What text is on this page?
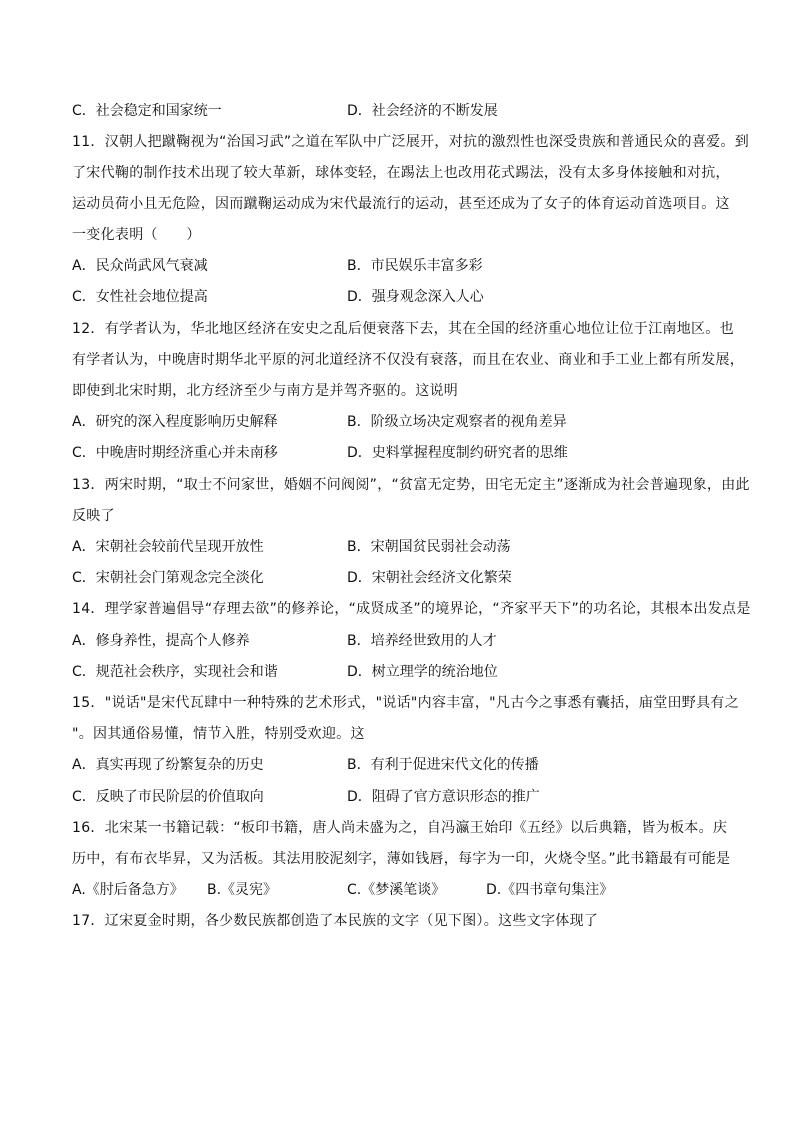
C．社会稳定和国家统一	D．社会经济的不断发展
11．汉朝人把蹴鞠视为“治国习武”之道在军队中广泛展开，对抗的激烈性也深受贵族和普通民众的喜爱。到
了宋代鞠的制作技术出现了较大革新，球体变轻，在踢法上也改用花式踢法，没有太多身体接触和对抗，
运动员荷小且无危险，因而蹴鞠运动成为宋代最流行的运动，甚至还成为了女子的体育运动首选项目。这
一变化表明（　　）
A．民众尚武风气衰减	B．市民娱乐丰富多彩
C．女性社会地位提高	D．强身观念深入人心
12．有学者认为，华北地区经济在安史之乱后便衰落下去，其在全国的经济重心地位让位于江南地区。也
有学者认为，中晚唐时期华北平原的河北道经济不仅没有衰落，而且在农业、商业和手工业上都有所发展，
即使到北宋时期，北方经济至少与南方是并驾齐驱的。这说明
A．研究的深入程度影响历史解释	B．阶级立场决定观察者的视角差异
C．中晚唐时期经济重心并未南移	D．史料掌握程度制约研究者的思维
13．两宋时期，“取士不问家世，婚姻不问阀阅”，“贫富无定势，田宅无定主”逐渐成为社会普遍现象，由此
反映了
A．宋朝社会较前代呈现开放性	B．宋朝国贫民弱社会动荡
C．宋朝社会门第观念完全淡化	D．宋朝社会经济文化繁荣
14．理学家普遍倡导“存理去欲”的修养论，“成贤成圣”的境界论，“齐家平天下”的功名论，其根本出发点是
A．修身养性，提高个人修养	B．培养经世致用的人才
C．规范社会秩序，实现社会和谐	D．树立理学的统治地位
15．"说话"是宋代瓦肆中一种特殊的艺术形式，"说话"内容丰富，"凡古今之事悉有囊括，庙堂田野具有之
"。因其通俗易懂，情节入胜，特别受欢迎。这
A．真实再现了纷繁复杂的历史	B．有利于促进宋代文化的传播
C．反映了市民阶层的价值取向	D．阻碍了官方意识形态的推广
16．北宋某一书籍记载：“板印书籍，唐人尚未盛为之，自冯瀛王始印《五经》以后典籍，皆为板本。庆
历中，有布衣毕昇，又为活板。其法用胶泥刻字，薄如钱唇，每字为一印，火烧令坚。”此书籍最有可能是
A.《肘后备急方》 B.《灵宪》	C.《梦溪笔谈》	D.《四书章句集注》
17．辽宋夏金时期，各少数民族都创造了本民族的文字（见下图）。这些文字体现了
